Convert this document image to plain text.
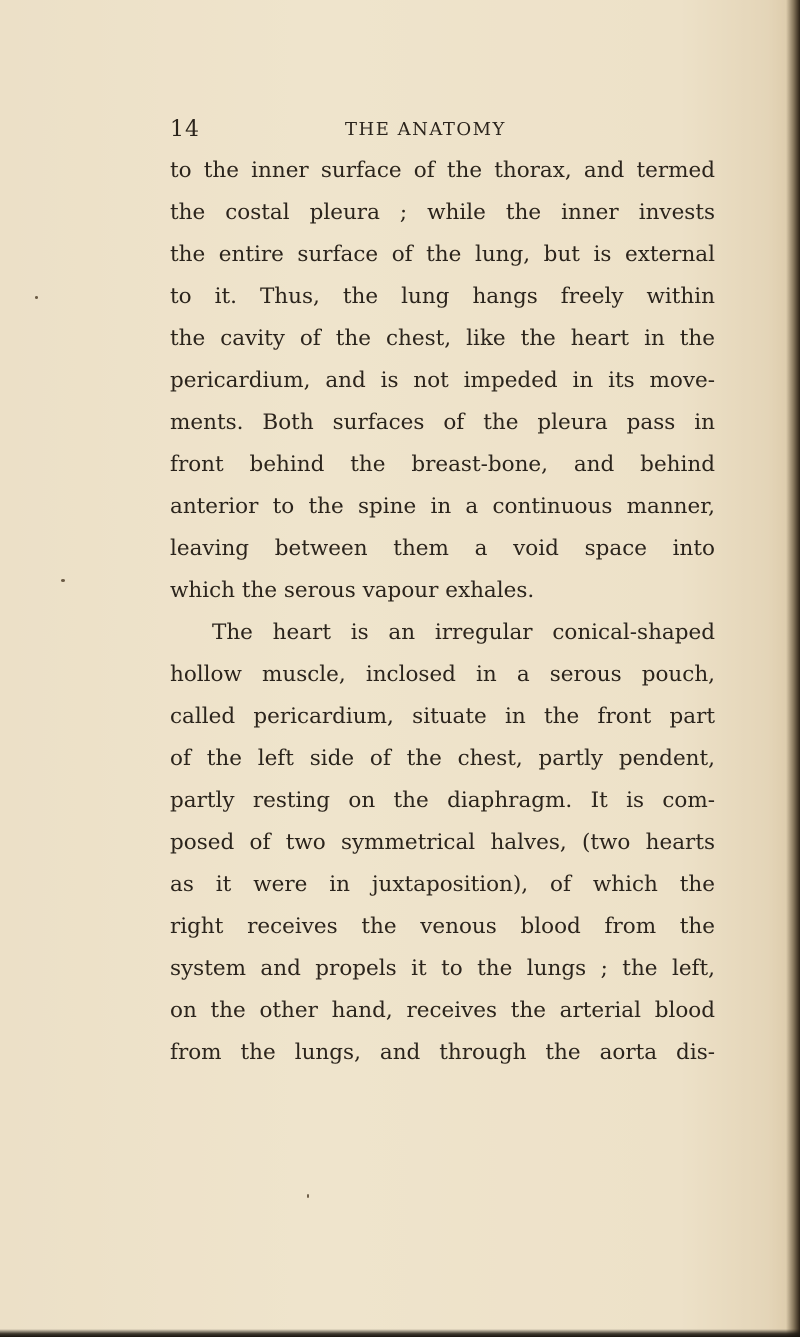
14	THE ANATOMY
to the inner surface of the thorax, and termed
the costal pleura ; while the inner invests
the entire surface of the lung, but is external
to it. Thus, the lung hangs freely within
the cavity of the chest, like the heart in the
pericardium, and is not impeded in its move-
ments. Both surfaces of the pleura pass in
front behind the breast-bone, and behind
anterior to the spine in a continuous manner,
leaving between them a void space into
which the serous vapour exhales.
The heart is an irregular conical-shaped
hollow muscle, inclosed in a serous pouch,
called pericardium, situate in the front part
of the left side of the chest, partly pendent,
partly resting on the diaphragm. It is com-
posed of two symmetrical halves, (two hearts
as it were in juxtaposition), of which the
right receives the venous blood from the
system and propels it to the lungs ; the left,
on the other hand, receives the arterial blood
from the lungs, and through the aorta dis-
